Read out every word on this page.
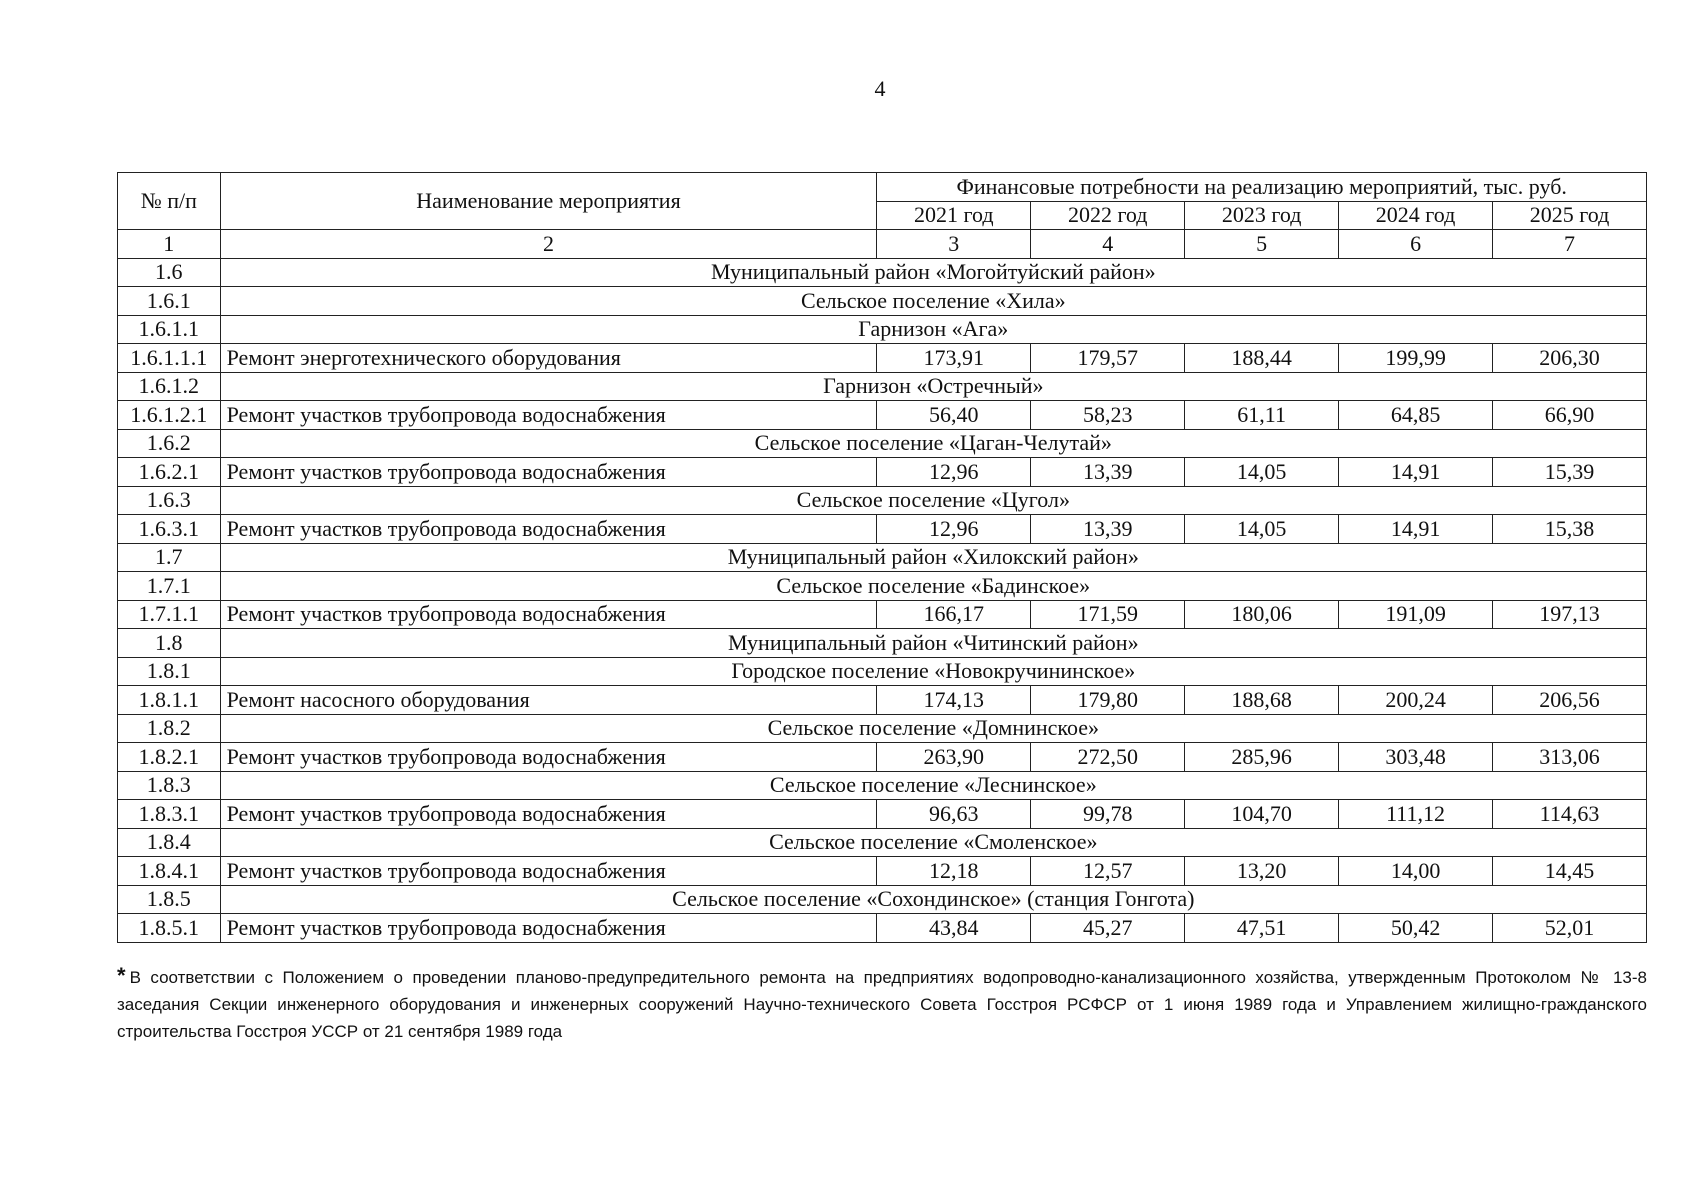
4
№ п/п	Наименование мероприятия	Финансовые потребности на реализацию мероприятий, тыс. руб.				
		2021 год	2022 год	2023 год	2024 год	2025 год
1	2	3	4	5	6	7
1.6	Муниципальный район «Могойтуйский район»					
1.6.1	Сельское поселение «Хила»					
1.6.1.1	Гарнизон «Ага»					
1.6.1.1.1	Ремонт энерготехнического оборудования	173,91	179,57	188,44	199,99	206,30
1.6.1.2	Гарнизон «Остречный»					
1.6.1.2.1	Ремонт участков трубопровода водоснабжения	56,40	58,23	61,11	64,85	66,90
1.6.2	Сельское поселение «Цаган-Челутай»					
1.6.2.1	Ремонт участков трубопровода водоснабжения	12,96	13,39	14,05	14,91	15,39
1.6.3	Сельское поселение «Цугол»					
1.6.3.1	Ремонт участков трубопровода водоснабжения	12,96	13,39	14,05	14,91	15,38
1.7	Муниципальный район «Хилокский район»					
1.7.1	Сельское поселение «Бадинское»					
1.7.1.1	Ремонт участков трубопровода водоснабжения	166,17	171,59	180,06	191,09	197,13
1.8	Муниципальный район «Читинский район»					
1.8.1	Городское поселение «Новокручининское»					
1.8.1.1	Ремонт насосного оборудования	174,13	179,80	188,68	200,24	206,56
1.8.2	Сельское поселение «Домнинское»					
1.8.2.1	Ремонт участков трубопровода водоснабжения	263,90	272,50	285,96	303,48	313,06
1.8.3	Сельское поселение «Леснинское»					
1.8.3.1	Ремонт участков трубопровода водоснабжения	96,63	99,78	104,70	111,12	114,63
1.8.4	Сельское поселение «Смоленское»					
1.8.4.1	Ремонт участков трубопровода водоснабжения	12,18	12,57	13,20	14,00	14,45
1.8.5	Сельское поселение «Сохондинское» (станция Гонгота)					
1.8.5.1	Ремонт участков трубопровода водоснабжения	43,84	45,27	47,51	50,42	52,01
* В соответствии с Положением о проведении планово-предупредительного ремонта на предприятиях водопроводно-канализационного хозяйства, утвержденным Протоколом № 13-8 заседания Секции инженерного оборудования и инженерных сооружений Научно-технического Совета Госстроя РСФСР от 1 июня 1989 года и Управлением жилищно-гражданского строительства Госстроя УССР от 21 сентября 1989 года
